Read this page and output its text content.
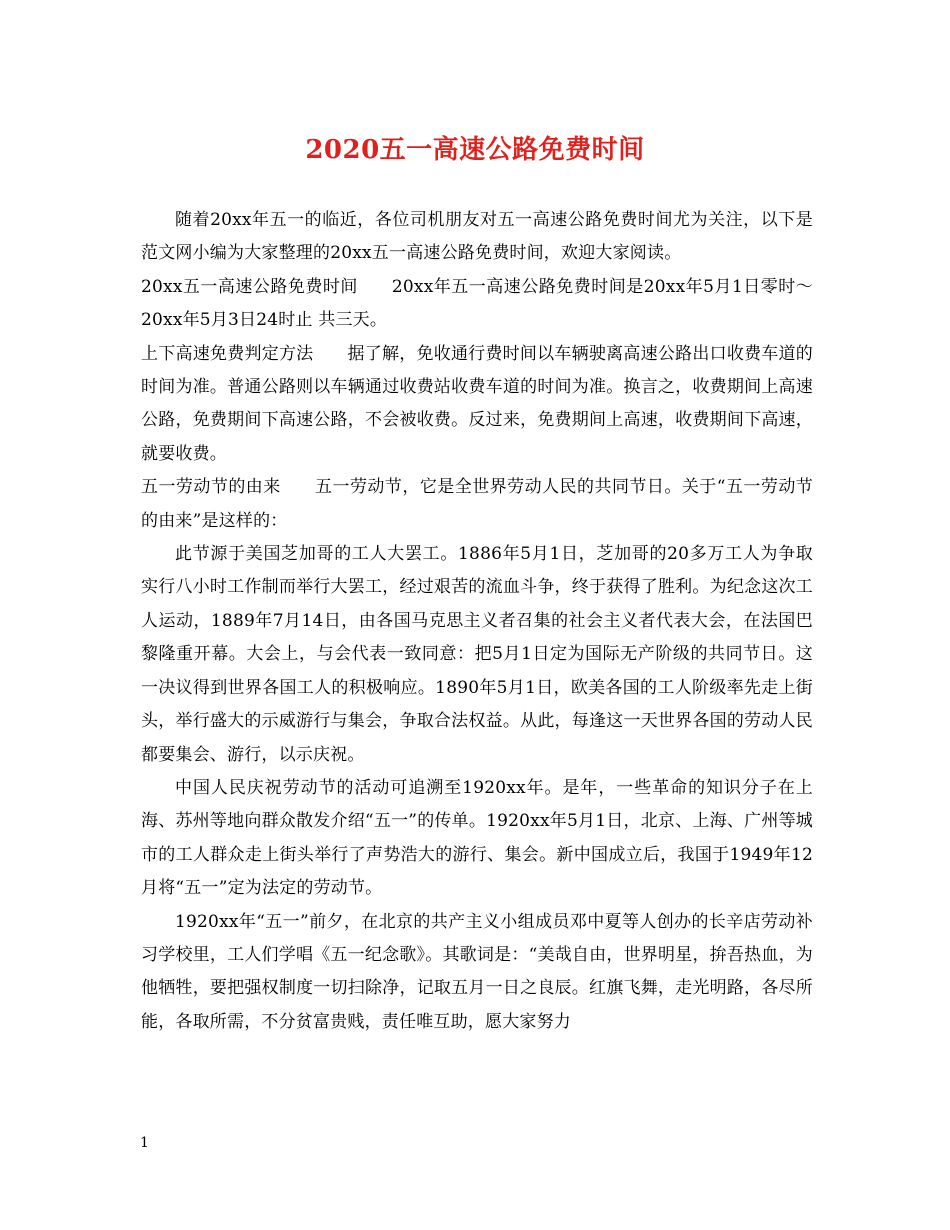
2020五一高速公路免费时间

随着20xx年五一的临近，各位司机朋友对五一高速公路免费时间尤为关注，以下是范文网小编为大家整理的20xx五一高速公路免费时间，欢迎大家阅读。

20xx五一高速公路免费时间 20xx年五一高速公路免费时间是20xx年5月1日零时～20xx年5月3日24时止 共三天。

上下高速免费判定方法 据了解，免收通行费时间以车辆驶离高速公路出口收费车道的时间为准。普通公路则以车辆通过收费站收费车道的时间为准。换言之，收费期间上高速公路，免费期间下高速公路，不会被收费。反过来，免费期间上高速，收费期间下高速，就要收费。

五一劳动节的由来 五一劳动节，它是全世界劳动人民的共同节日。关于“五一劳动节的由来”是这样的：

此节源于美国芝加哥的工人大罢工。1886年5月1日，芝加哥的20多万工人为争取实行八小时工作制而举行大罢工，经过艰苦的流血斗争，终于获得了胜利。为纪念这次工人运动，1889年7月14日，由各国马克思主义者召集的社会主义者代表大会，在法国巴黎隆重开幕。大会上，与会代表一致同意：把5月1日定为国际无产阶级的共同节日。这一决议得到世界各国工人的积极响应。1890年5月1日，欧美各国的工人阶级率先走上街头，举行盛大的示威游行与集会，争取合法权益。从此，每逢这一天世界各国的劳动人民都要集会、游行，以示庆祝。

中国人民庆祝劳动节的活动可追溯至1920xx年。是年，一些革命的知识分子在上海、苏州等地向群众散发介绍“五一”的传单。1920xx年5月1日，北京、上海、广州等城市的工人群众走上街头举行了声势浩大的游行、集会。新中国成立后，我国于1949年12月将“五一”定为法定的劳动节。

1920xx年“五一”前夕，在北京的共产主义小组成员邓中夏等人创办的长辛店劳动补习学校里，工人们学唱《五一纪念歌》。其歌词是：“美哉自由，世界明星，拚吾热血，为他牺牲，要把强权制度一切扫除净，记取五月一日之良辰。红旗飞舞，走光明路，各尽所能，各取所需，不分贫富贵贱，责任唯互助，愿大家努力

1
